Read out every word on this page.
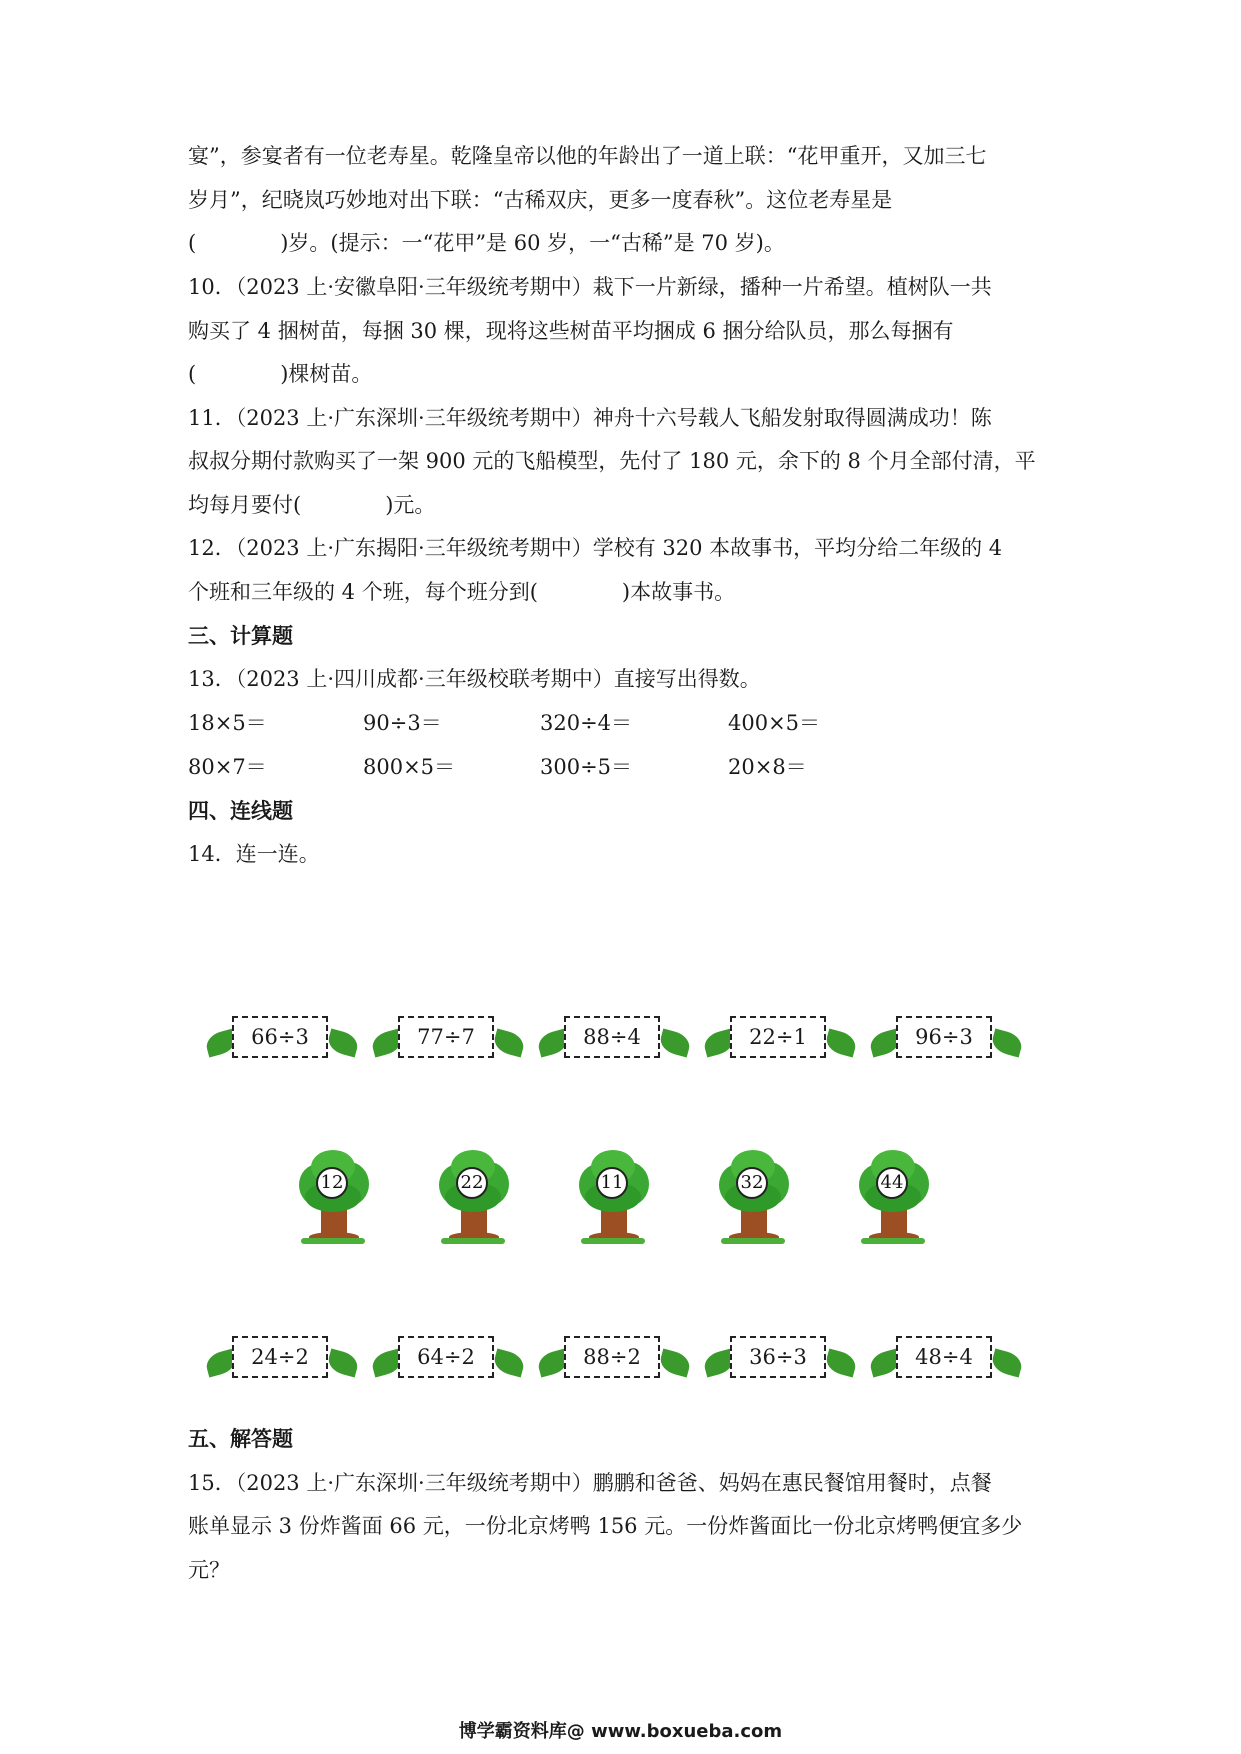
宴”，参宴者有一位老寿星。乾隆皇帝以他的年龄出了一道上联：“花甲重开，又加三七
岁月”，纪晓岚巧妙地对出下联：“古稀双庆，更多一度春秋”。这位老寿星是
(　　　　)岁。(提示：一“花甲”是 60 岁，一“古稀”是 70 岁)。
10．（2023 上·安徽阜阳·三年级统考期中）栽下一片新绿，播种一片希望。植树队一共
购买了 4 捆树苗，每捆 30 棵，现将这些树苗平均捆成 6 捆分给队员，那么每捆有
(　　　　)棵树苗。
11．（2023 上·广东深圳·三年级统考期中）神舟十六号载人飞船发射取得圆满成功！陈
叔叔分期付款购买了一架 900 元的飞船模型，先付了 180 元，余下的 8 个月全部付清，平
均每月要付(　　　　)元。
12．（2023 上·广东揭阳·三年级统考期中）学校有 320 本故事书，平均分给二年级的 4
个班和三年级的 4 个班，每个班分到(　　　　)本故事书。
三、计算题
13．（2023 上·四川成都·三年级校联考期中）直接写出得数。
18×5＝	90÷3＝	320÷4＝	400×5＝
80×7＝	800×5＝	300÷5＝	20×8＝
四、连线题
14．连一连。
66÷3	77÷7	88÷4	22÷1	96÷3
12	22	11	32	44
24÷2	64÷2	88÷2	36÷3	48÷4
五、解答题
15．（2023 上·广东深圳·三年级统考期中）鹏鹏和爸爸、妈妈在惠民餐馆用餐时，点餐
账单显示 3 份炸酱面 66 元，一份北京烤鸭 156 元。一份炸酱面比一份北京烤鸭便宜多少
元？
博学霸资料库@ www.boxueba.com
